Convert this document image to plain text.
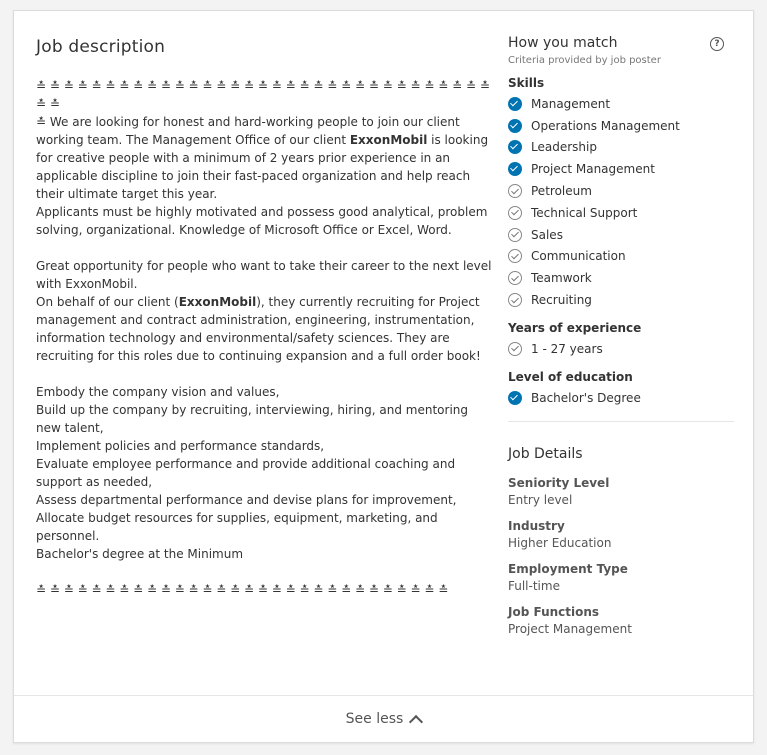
Job description

≛ ≛ ≛ ≛ ≛ ≛ ≛ ≛ ≛ ≛ ≛ ≛ ≛ ≛ ≛ ≛ ≛ ≛ ≛ ≛ ≛ ≛ ≛ ≛ ≛ ≛ ≛ ≛ ≛ ≛ ≛ ≛ ≛ ≛ ≛

≛ We are looking for honest and hard-working people to join our client working team. The Management Office of our client ExxonMobil is looking for creative people with a minimum of 2 years prior experience in an applicable discipline to join their fast-paced organization and help reach their ultimate target this year.

Applicants must be highly motivated and possess good analytical, problem solving, organizational. Knowledge of Microsoft Office or Excel, Word.

Great opportunity for people who want to take their career to the next level with ExxonMobil.

On behalf of our client (ExxonMobil), they currently recruiting for Project management and contract administration, engineering, instrumentation, information technology and environmental/safety sciences. They are recruiting for this roles due to continuing expansion and a full order book!

Embody the company vision and values,

Build up the company by recruiting, interviewing, hiring, and mentoring new talent,

Implement policies and performance standards,

Evaluate employee performance and provide additional coaching and support as needed,

Assess departmental performance and devise plans for improvement,

Allocate budget resources for supplies, equipment, marketing, and personnel.

Bachelor's degree at the Minimum

≛ ≛ ≛ ≛ ≛ ≛ ≛ ≛ ≛ ≛ ≛ ≛ ≛ ≛ ≛ ≛ ≛ ≛ ≛ ≛ ≛ ≛ ≛ ≛ ≛ ≛ ≛ ≛ ≛ ≛

How you match	?
Criteria provided by job poster
Skills
Management
Operations Management
Leadership
Project Management
Petroleum
Technical Support
Sales
Communication
Teamwork
Recruiting
Years of experience
1 - 27 years
Level of education
Bachelor's Degree
Job Details
Seniority Level
Entry level
Industry
Higher Education
Employment Type
Full-time
Job Functions
Project Management
See less
